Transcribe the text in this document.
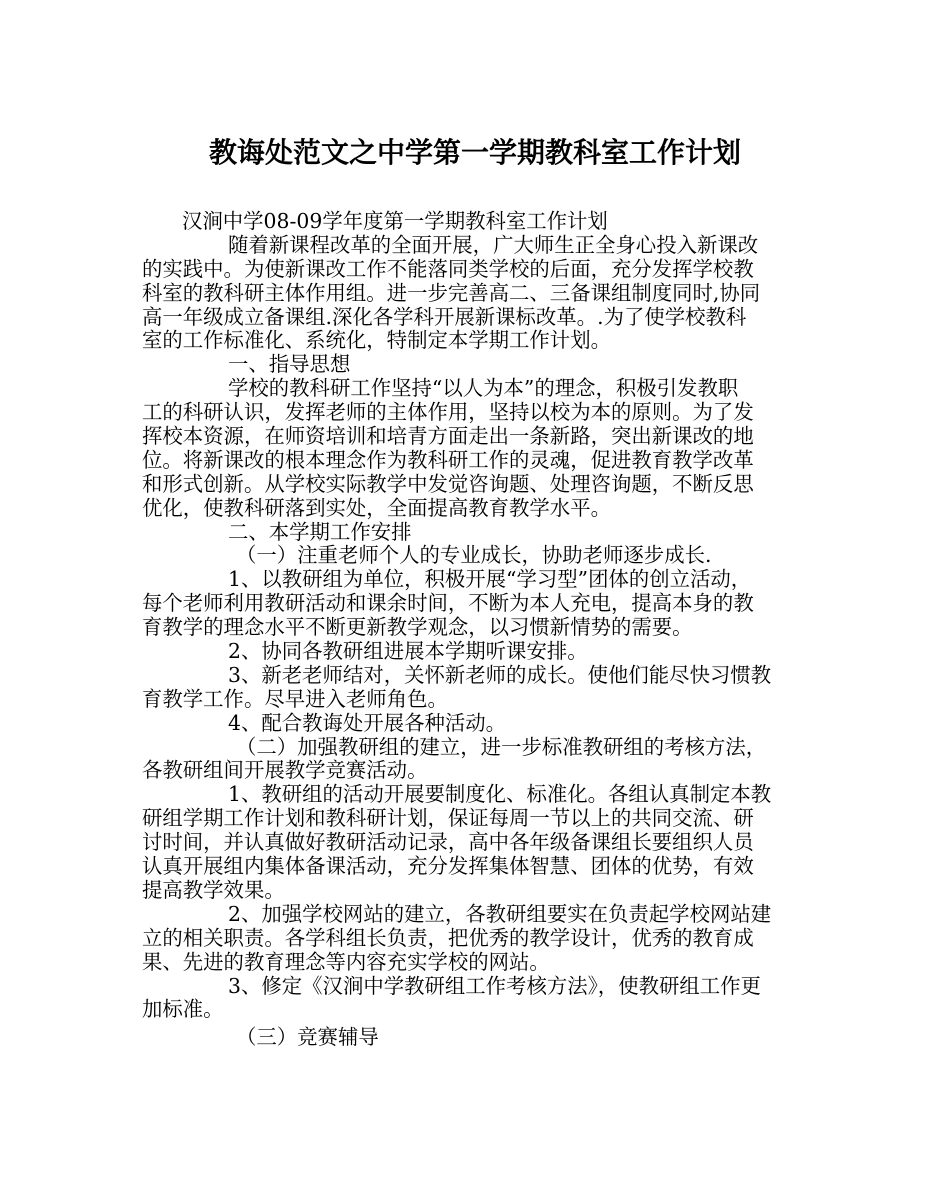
教诲处范文之中学第一学期教科室工作计划
汉涧中学08-09学年度第一学期教科室工作计划
随着新课程改革的全面开展，广大师生正全身心投入新课改
的实践中。为使新课改工作不能落同类学校的后面，充分发挥学校教
科室的教科研主体作用组。进一步完善高二、三备课组制度同时,协同
高一年级成立备课组.深化各学科开展新课标改革。.为了使学校教科
室的工作标准化、系统化，特制定本学期工作计划。
一、指导思想
学校的教科研工作坚持“以人为本”的理念，积极引发教职
工的科研认识，发挥老师的主体作用，坚持以校为本的原则。为了发
挥校本资源，在师资培训和培青方面走出一条新路，突出新课改的地
位。将新课改的根本理念作为教科研工作的灵魂，促进教育教学改革
和形式创新。从学校实际教学中发觉咨询题、处理咨询题，不断反思
优化，使教科研落到实处，全面提高教育教学水平。
二、本学期工作安排
（一）注重老师个人的专业成长，协助老师逐步成长.
1、以教研组为单位，积极开展“学习型”团体的创立活动，
每个老师利用教研活动和课余时间，不断为本人充电，提高本身的教
育教学的理念水平不断更新教学观念，以习惯新情势的需要。
2、协同各教研组进展本学期听课安排。
3、新老老师结对，关怀新老师的成长。使他们能尽快习惯教
育教学工作。尽早进入老师角色。
4、配合教诲处开展各种活动。
（二）加强教研组的建立，进一步标准教研组的考核方法，
各教研组间开展教学竞赛活动。
1、教研组的活动开展要制度化、标准化。各组认真制定本教
研组学期工作计划和教科研计划，保证每周一节以上的共同交流、研
讨时间，并认真做好教研活动记录，高中各年级备课组长要组织人员
认真开展组内集体备课活动，充分发挥集体智慧、团体的优势，有效
提高教学效果。
2、加强学校网站的建立，各教研组要实在负责起学校网站建
立的相关职责。各学科组长负责，把优秀的教学设计，优秀的教育成
果、先进的教育理念等内容充实学校的网站。
3、修定《汉涧中学教研组工作考核方法》，使教研组工作更
加标准。
（三）竞赛辅导
